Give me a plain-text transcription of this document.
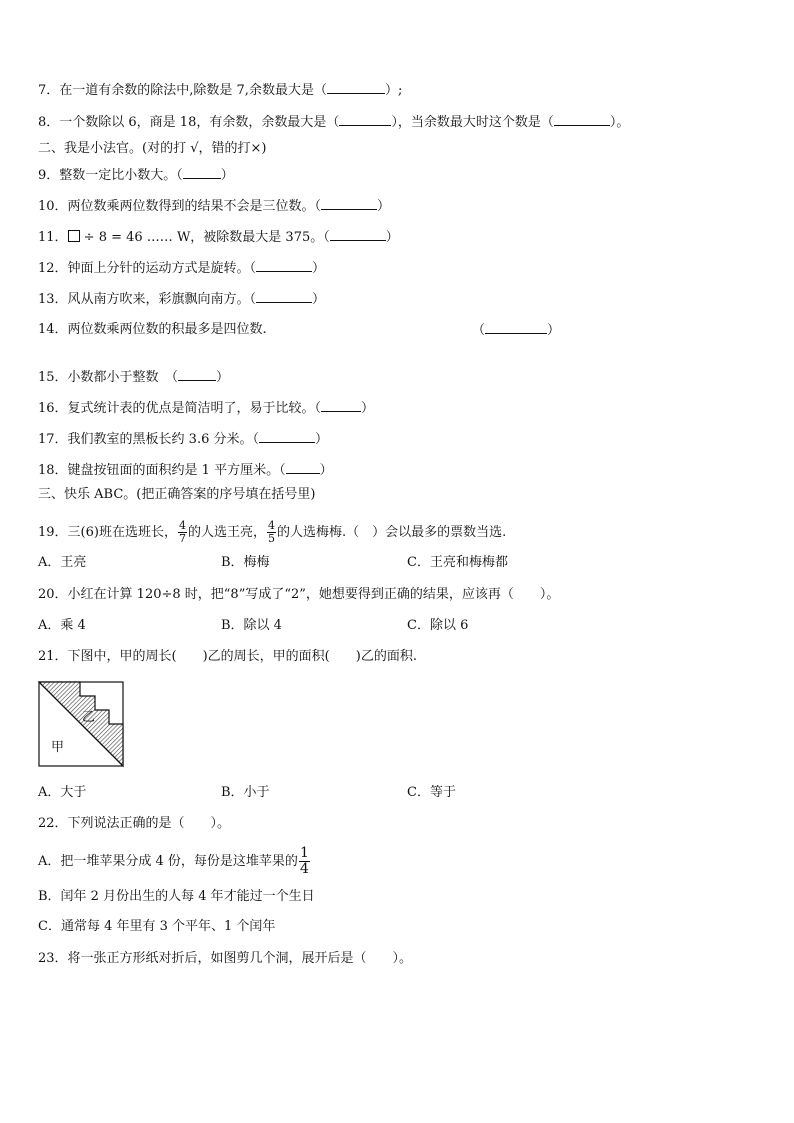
7．在一道有余数的除法中,除数是 7,余数最大是（	）;
8．一个数除以 6，商是 18，有余数，余数最大是（	），当余数最大时这个数是（	）。
二、我是小法官。(对的打 √，错的打×)
9．整数一定比小数大。（	）
10．两位数乘两位数得到的结果不会是三位数。（	）
11． ÷ 8 = 46 …… W，被除数最大是 375。（	）
12．钟面上分针的运动方式是旋转。（	）
13．风从南方吹来，彩旗飘向南方。（	）
14．两位数乘两位数的积最多是四位数.	（	）
15．小数都小于整数　（	）
16．复式统计表的优点是简洁明了，易于比较。（	）
17．我们教室的黑板长约 3.6 分米。（	）
18．键盘按钮面的面积约是 1 平方厘米。（	）
三、快乐 ABC。(把正确答案的序号填在括号里)
19．三(6)班在选班长， $\frac{4}{7}$ 的人选王亮， $\frac{4}{5}$ 的人选梅梅.（　）会以最多的票数当选.
A．王亮	B．梅梅	C．王亮和梅梅都
20．小红在计算 120÷8 时，把“8”写成了“2”，她想要得到正确的结果，应该再（　　）。
A．乘 4	B．除以 4	C．除以 6
21．下图中，甲的周长(　　)乙的周长，甲的面积(　　)乙的面积.
乙
甲
A．大于	B．小于	C．等于
22．下列说法正确的是（　　）。
A．把一堆苹果分成 4 份，每份是这堆苹果的 $\frac{1}{4}$
B．闰年 2 月份出生的人每 4 年才能过一个生日
C．通常每 4 年里有 3 个平年、1 个闰年
23．将一张正方形纸对折后，如图剪几个洞，展开后是（　　）。
